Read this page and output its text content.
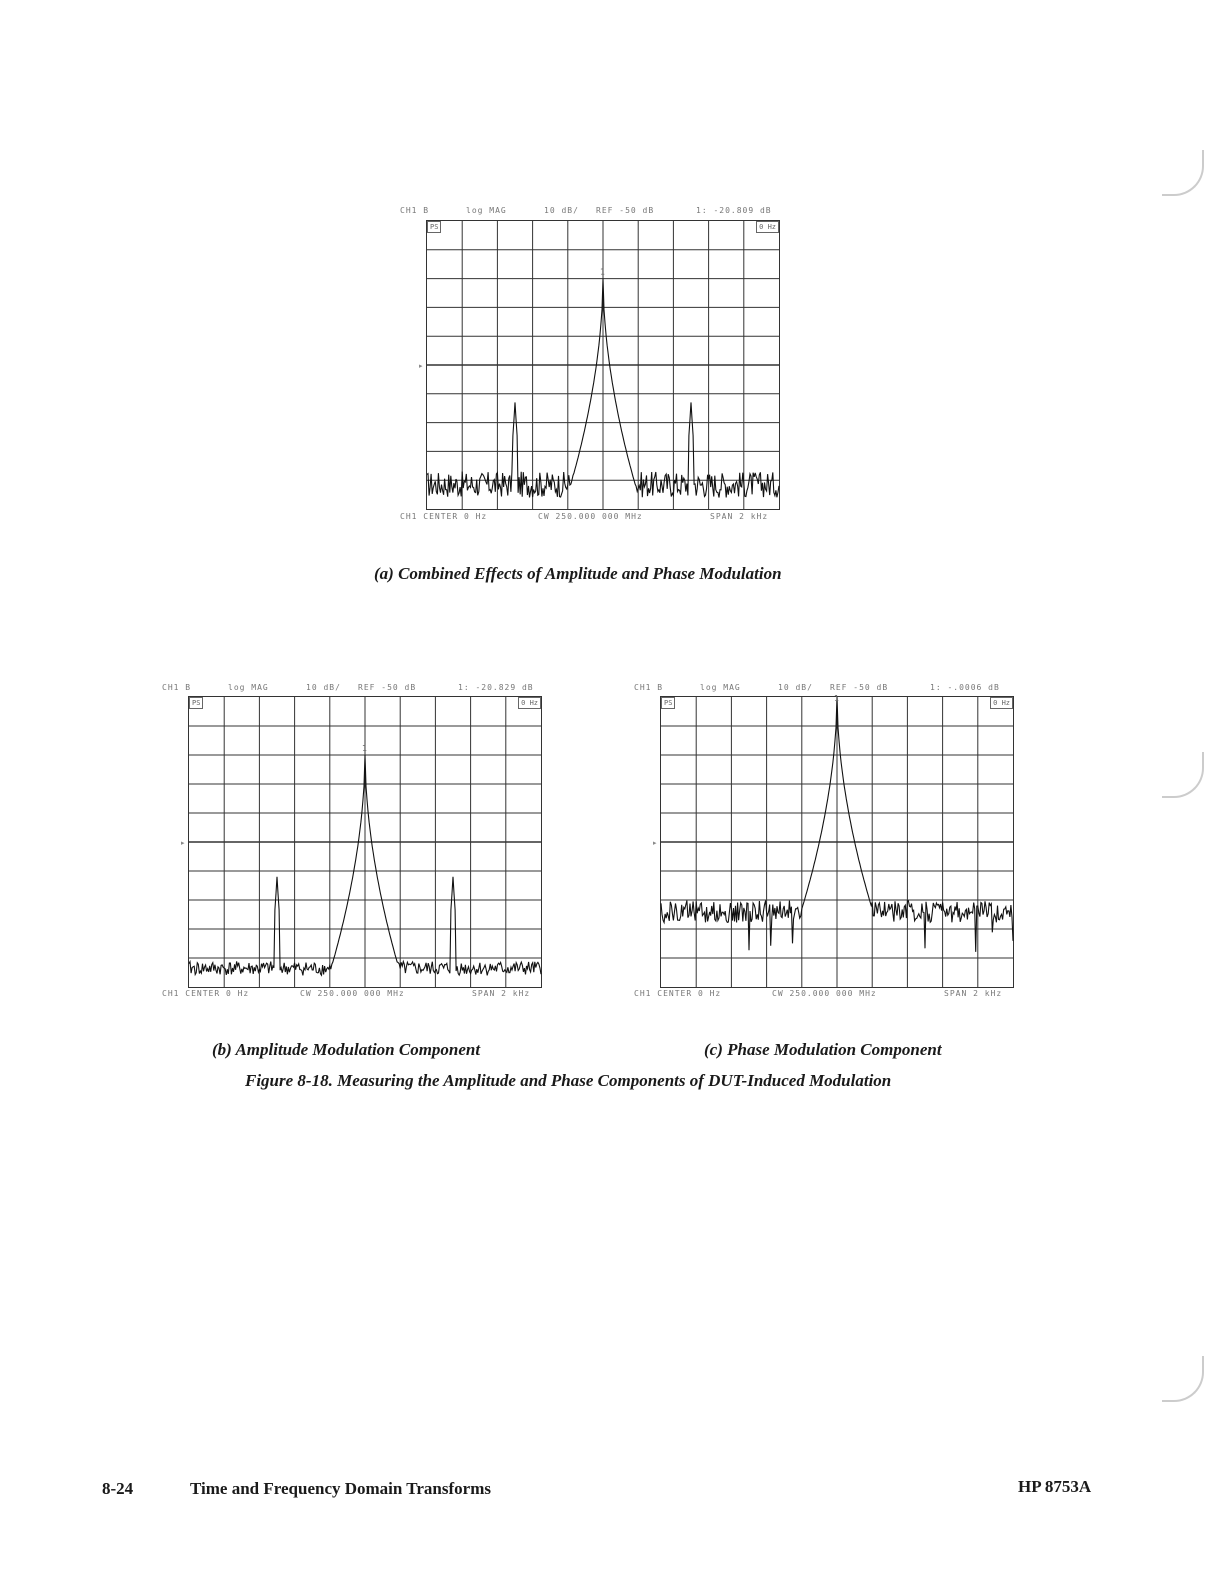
CH1 B	log MAG	10 dB/ REF -50 dB	1: -20.809 dB
▸
1
PS	0 Hz
CH1 CENTER 0 Hz	CW 250.000 000 MHz	SPAN 2 kHz
(a) Combined Effects of Amplitude and Phase Modulation
CH1 B	log MAG	10 dB/ REF -50 dB	1: -20.829 dB
▸
1
PS	0 Hz
CH1 CENTER 0 Hz	CW 250.000 000 MHz	SPAN 2 kHz
CH1 B	log MAG	10 dB/ REF -50 dB	1: -.0006 dB
▸
1
PS	0 Hz
CH1 CENTER 0 Hz	CW 250.000 000 MHz	SPAN 2 kHz
(b) Amplitude Modulation Component	(c) Phase Modulation Component
Figure 8-18. Measuring the Amplitude and Phase Components of DUT-Induced Modulation
8-24	Time and Frequency Domain Transforms	HP 8753A
